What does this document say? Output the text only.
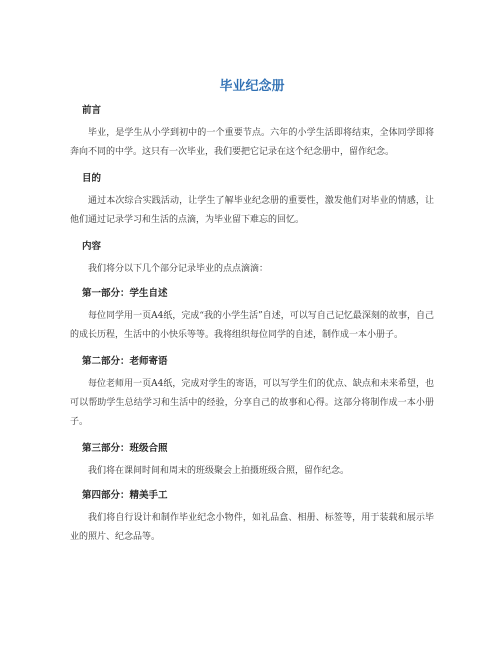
毕业纪念册
前言

毕业，是学生从小学到初中的一个重要节点。六年的小学生活即将结束，全体同学即将奔向不同的中学。这只有一次毕业，我们要把它记录在这个纪念册中，留作纪念。

目的

通过本次综合实践活动，让学生了解毕业纪念册的重要性，激发他们对毕业的情感，让他们通过记录学习和生活的点滴，为毕业留下难忘的回忆。

内容

我们将分以下几个部分记录毕业的点点滴滴：

第一部分：学生自述

每位同学用一页A4纸，完成“我的小学生活”自述，可以写自己记忆最深刻的故事，自己的成长历程，生活中的小快乐等等。我将组织每位同学的自述，制作成一本小册子。

第二部分：老师寄语

每位老师用一页A4纸，完成对学生的寄语，可以写学生们的优点、缺点和未来希望，也可以帮助学生总结学习和生活中的经验，分享自己的故事和心得。这部分将制作成一本小册子。

第三部分：班级合照

我们将在课间时间和周末的班级聚会上拍摄班级合照，留作纪念。

第四部分：精美手工

我们将自行设计和制作毕业纪念小物件，如礼品盒、相册、标签等，用于装载和展示毕业的照片、纪念品等。
